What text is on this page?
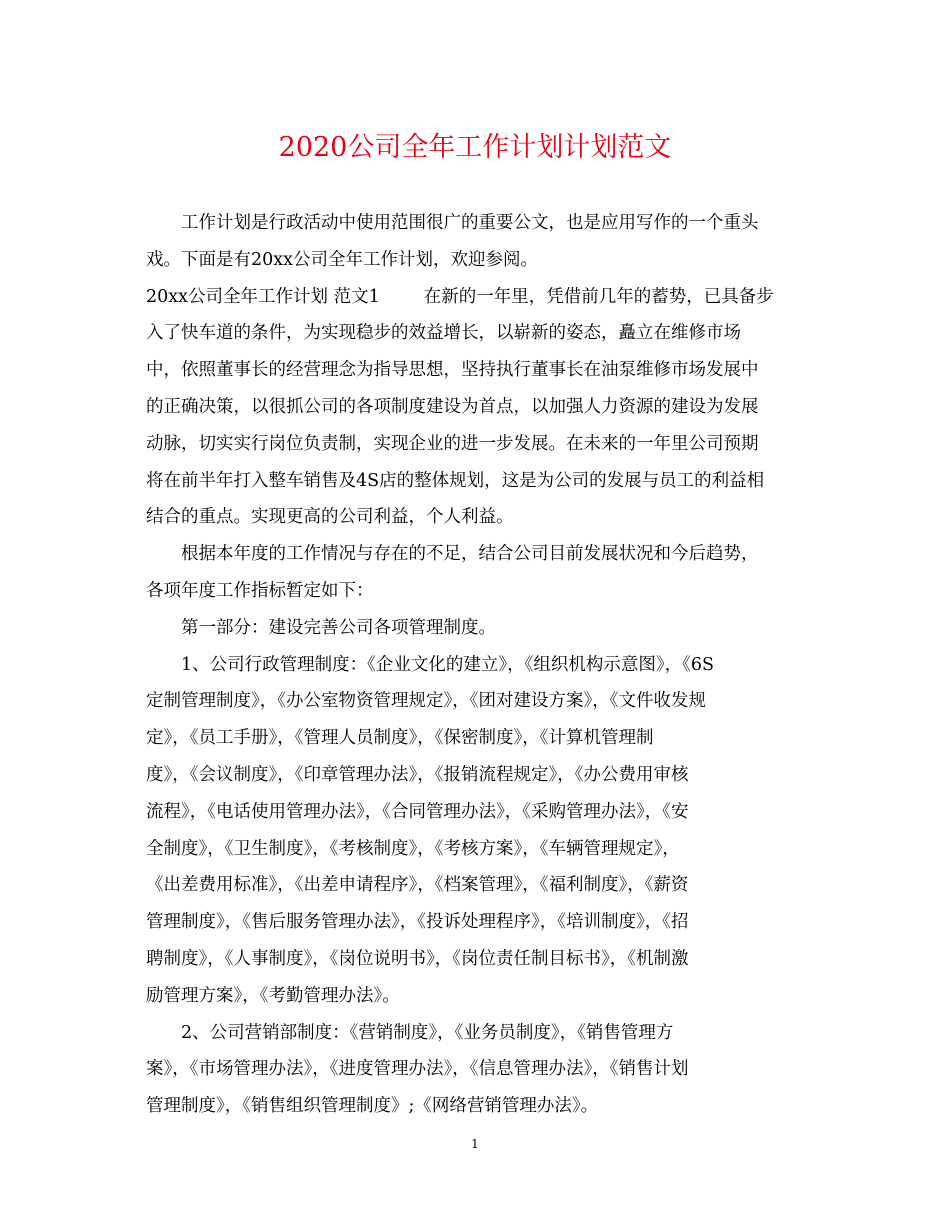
2020公司全年工作计划计划范文
　　工作计划是行政活动中使用范围很广的重要公文，也是应用写作的一个重头
戏。下面是有20xx公司全年工作计划，欢迎参阅。
20xx公司全年工作计划 范文1	在新的一年里，凭借前几年的蓄势，已具备步
入了快车道的条件，为实现稳步的效益增长，以崭新的姿态，矗立在维修市场
中，依照董事长的经营理念为指导思想，坚持执行董事长在油泵维修市场发展中
的正确决策，以很抓公司的各项制度建设为首点，以加强人力资源的建设为发展
动脉，切实实行岗位负责制，实现企业的进一步发展。在未来的一年里公司预期
将在前半年打入整车销售及4S店的整体规划，这是为公司的发展与员工的利益相
结合的重点。实现更高的公司利益，个人利益。
　　根据本年度的工作情况与存在的不足，结合公司目前发展状况和今后趋势，
各项年度工作指标暂定如下：
　　第一部分：建设完善公司各项管理制度。
　　1、公司行政管理制度：《企业文化的建立》，《组织机构示意图》，《6S
定制管理制度》，《办公室物资管理规定》，《团对建设方案》，《文件收发规
定》，《员工手册》，《管理人员制度》，《保密制度》，《计算机管理制
度》，《会议制度》，《印章管理办法》，《报销流程规定》，《办公费用审核
流程》，《电话使用管理办法》，《合同管理办法》，《采购管理办法》，《安
全制度》，《卫生制度》，《考核制度》，《考核方案》，《车辆管理规定》，
《出差费用标准》，《出差申请程序》，《档案管理》，《福利制度》，《薪资
管理制度》，《售后服务管理办法》，《投诉处理程序》，《培训制度》，《招
聘制度》，《人事制度》，《岗位说明书》，《岗位责任制目标书》，《机制激
励管理方案》，《考勤管理办法》。
　　2、公司营销部制度：《营销制度》，《业务员制度》，《销售管理方
案》，《市场管理办法》，《进度管理办法》，《信息管理办法》，《销售计划
管理制度》，《销售组织管理制度》;《网络营销管理办法》。
1
